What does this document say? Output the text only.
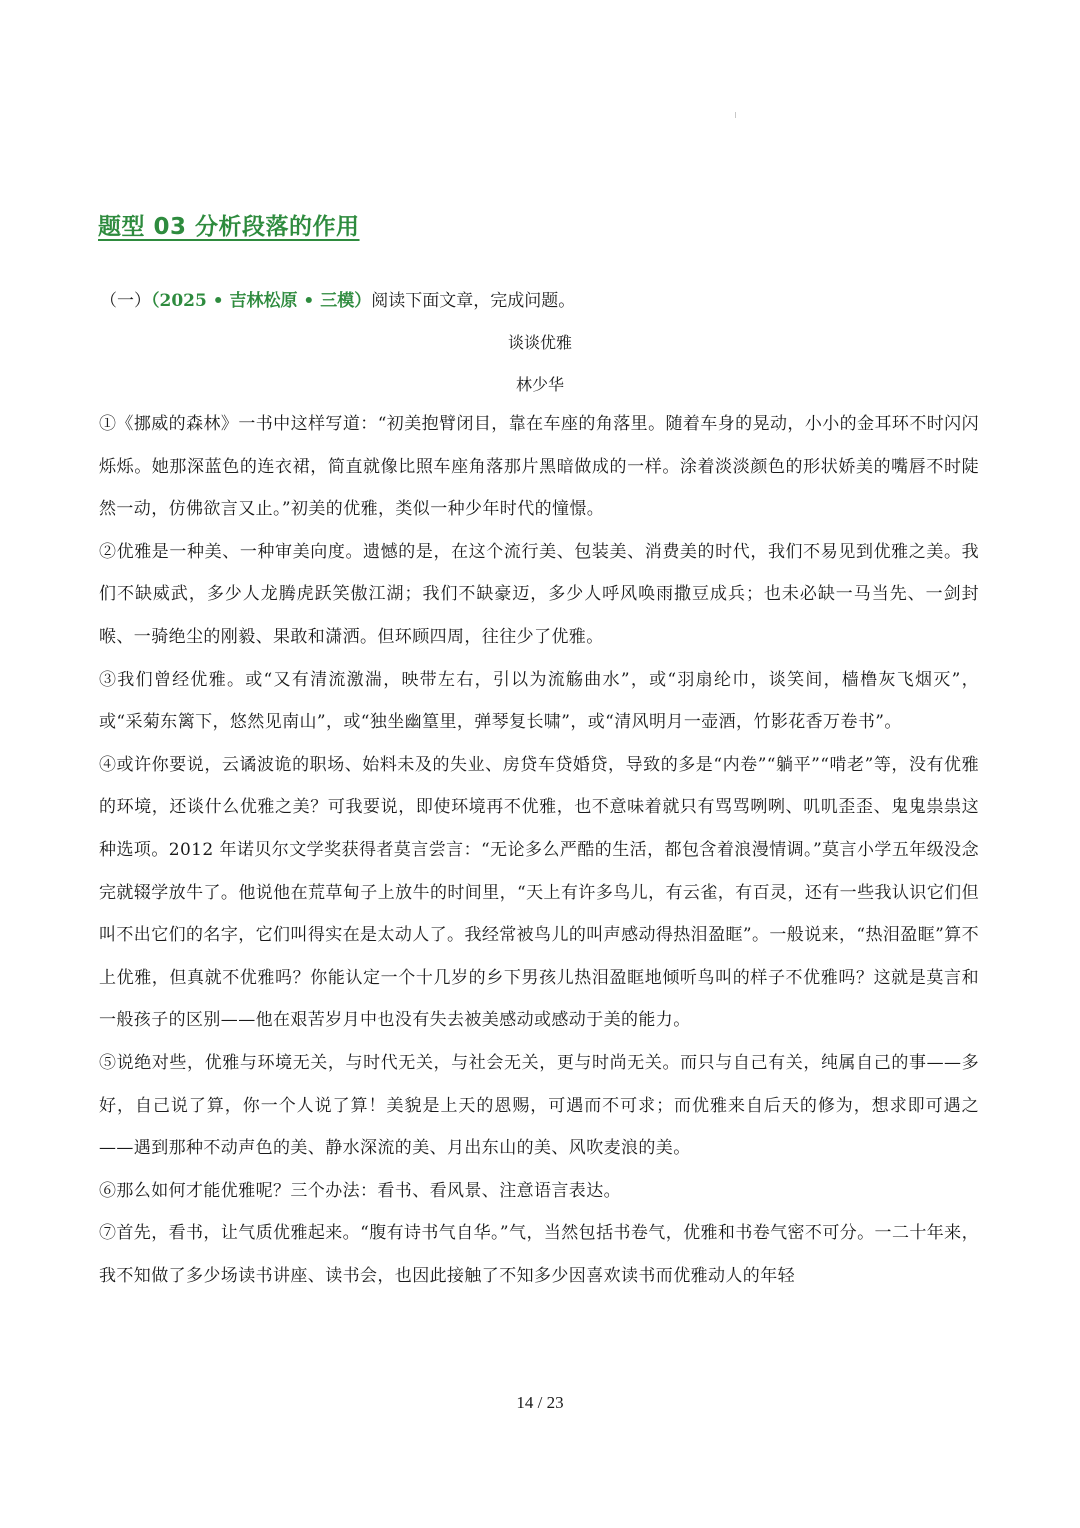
题型 03 分析段落的作用
（一）（2025 • 吉林松原 • 三模）阅读下面文章，完成问题。
谈谈优雅
林少华

①《挪威的森林》一书中这样写道：“初美抱臂闭目，靠在车座的角落里。随着车身的晃动，小小的金耳环不时闪闪烁烁。她那深蓝色的连衣裙，简直就像比照车座角落那片黑暗做成的一样。涂着淡淡颜色的形状娇美的嘴唇不时陡然一动，仿佛欲言又止。”初美的优雅，类似一种少年时代的憧憬。

②优雅是一种美、一种审美向度。遗憾的是，在这个流行美、包装美、消费美的时代，我们不易见到优雅之美。我们不缺威武，多少人龙腾虎跃笑傲江湖；我们不缺豪迈，多少人呼风唤雨撒豆成兵；也未必缺一马当先、一剑封喉、一骑绝尘的刚毅、果敢和潇洒。但环顾四周，往往少了优雅。

③我们曾经优雅。或“又有清流激湍，映带左右，引以为流觞曲水”，或“羽扇纶巾，谈笑间，樯橹灰飞烟灭”，或“采菊东篱下，悠然见南山”，或“独坐幽篁里，弹琴复长啸”，或“清风明月一壶酒，竹影花香万卷书”。

④或许你要说，云谲波诡的职场、始料未及的失业、房贷车贷婚贷，导致的多是“内卷”“躺平”“啃老”等，没有优雅的环境，还谈什么优雅之美？可我要说，即使环境再不优雅，也不意味着就只有骂骂咧咧、叽叽歪歪、鬼鬼祟祟这种选项。2012 年诺贝尔文学奖获得者莫言尝言：“无论多么严酷的生活，都包含着浪漫情调。”莫言小学五年级没念完就辍学放牛了。他说他在荒草甸子上放牛的时间里，“天上有许多鸟儿，有云雀，有百灵，还有一些我认识它们但叫不出它们的名字，它们叫得实在是太动人了。我经常被鸟儿的叫声感动得热泪盈眶”。一般说来，“热泪盈眶”算不上优雅，但真就不优雅吗？你能认定一个十几岁的乡下男孩儿热泪盈眶地倾听鸟叫的样子不优雅吗？这就是莫言和一般孩子的区别——他在艰苦岁月中也没有失去被美感动或感动于美的能力。

⑤说绝对些，优雅与环境无关，与时代无关，与社会无关，更与时尚无关。而只与自己有关，纯属自己的事——多好，自己说了算，你一个人说了算！美貌是上天的恩赐，可遇而不可求；而优雅来自后天的修为，想求即可遇之——遇到那种不动声色的美、静水深流的美、月出东山的美、风吹麦浪的美。

⑥那么如何才能优雅呢？三个办法：看书、看风景、注意语言表达。

⑦首先，看书，让气质优雅起来。“腹有诗书气自华。”气，当然包括书卷气，优雅和书卷气密不可分。一二十年来，我不知做了多少场读书讲座、读书会，也因此接触了不知多少因喜欢读书而优雅动人的年轻

14 / 23
